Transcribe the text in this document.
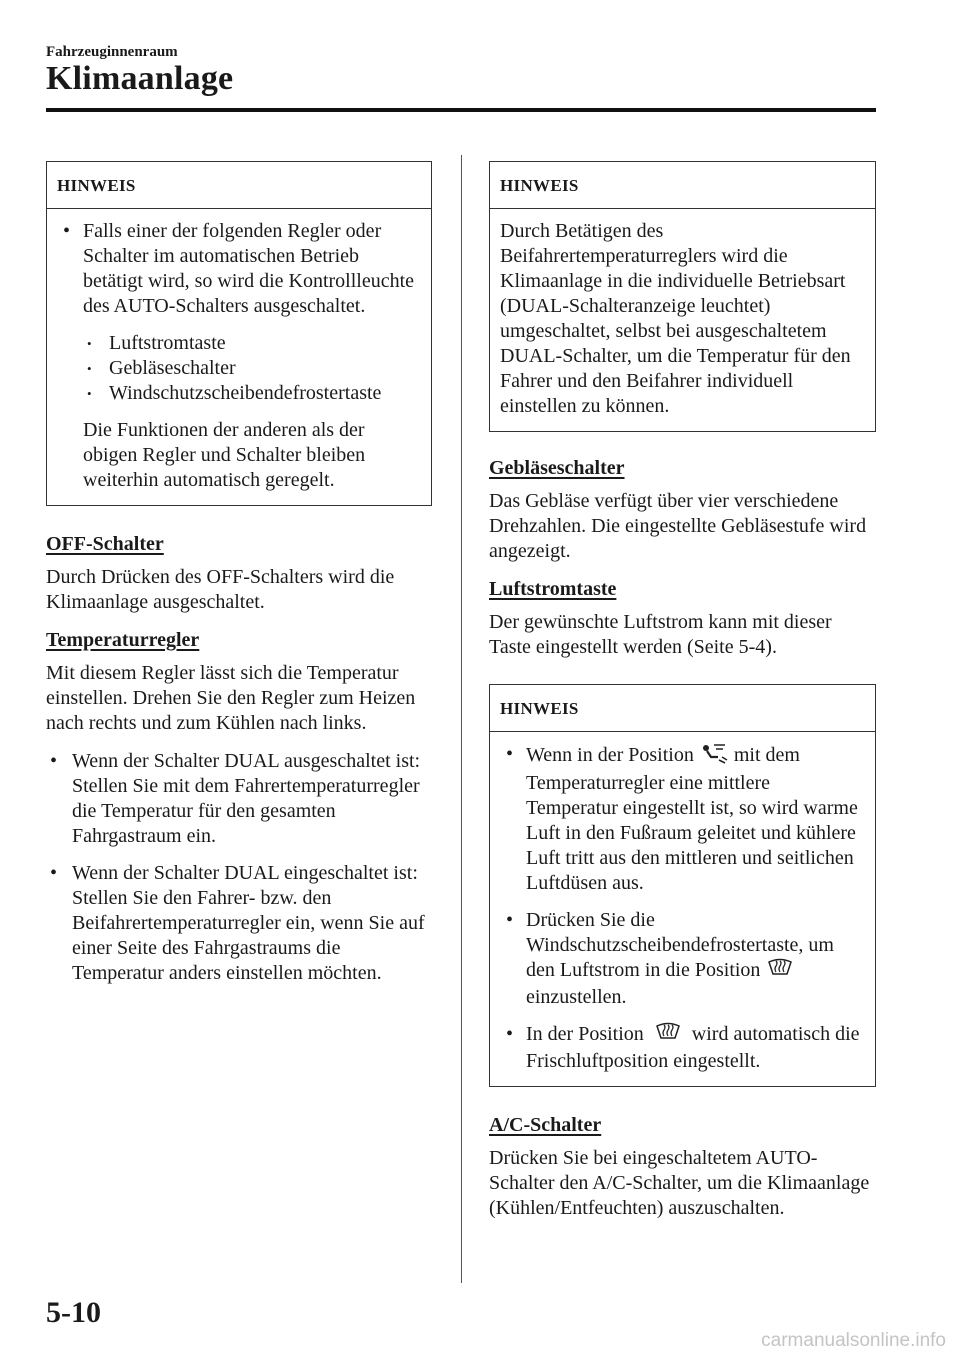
Fahrzeuginnenraum
Klimaanlage
HINWEIS
• Falls einer der folgenden Regler oder Schalter im automatischen Betrieb betätigt wird, so wird die Kontrollleuchte des AUTO-Schalters ausgeschaltet.
• Luftstromtaste
• Gebläseschalter
• Windschutzscheibendefrostertaste

Die Funktionen der anderen als der obigen Regler und Schalter bleiben weiterhin automatisch geregelt.

OFF-Schalter

Durch Drücken des OFF-Schalters wird die Klimaanlage ausgeschaltet.

Temperaturregler

Mit diesem Regler lässt sich die Temperatur einstellen. Drehen Sie den Regler zum Heizen nach rechts und zum Kühlen nach links.

• Wenn der Schalter DUAL ausgeschaltet ist:
Stellen Sie mit dem Fahrertemperaturregler die Temperatur für den gesamten Fahrgastraum ein.
• Wenn der Schalter DUAL eingeschaltet ist:
Stellen Sie den Fahrer- bzw. den Beifahrertemperaturregler ein, wenn Sie auf einer Seite des Fahrgastraums die Temperatur anders einstellen möchten.
HINWEIS

Durch Betätigen des Beifahrertemperaturreglers wird die Klimaanlage in die individuelle Betriebsart (DUAL-Schalteranzeige leuchtet) umgeschaltet, selbst bei ausgeschaltetem DUAL-Schalter, um die Temperatur für den Fahrer und den Beifahrer individuell einstellen zu können.

Gebläseschalter

Das Gebläse verfügt über vier verschiedene Drehzahlen. Die eingestellte Gebläsestufe wird angezeigt.

Luftstromtaste

Der gewünschte Luftstrom kann mit dieser Taste eingestellt werden (Seite 5-4).

HINWEIS
• Wenn in der Position mit dem Temperaturregler eine mittlere Temperatur eingestellt ist, so wird warme Luft in den Fußraum geleitet und kühlere Luft tritt aus den mittleren und seitlichen Luftdüsen aus.
• Drücken Sie die Windschutzscheibendefrostertaste, um den Luftstrom in die Position  einzustellen.
• In der Position wird automatisch die Frischluftposition eingestellt.
A/C-Schalter

Drücken Sie bei eingeschaltetem AUTO-Schalter den A/C-Schalter, um die Klimaanlage (Kühlen/Entfeuchten) auszuschalten.

5-10
carmanualsonline.info
